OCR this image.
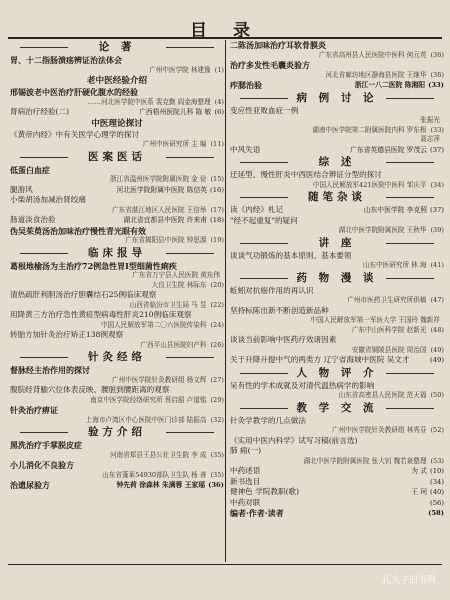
目 录
论 著
胃、十二指肠溃疡辨证治法体会
广州中医学院 林建豫 (1)
老中医经验介绍
邢锡波老中医治疗肝硬化腹水的经验
……河北医学院中医系 裴克勤 阎金海整理 (4)
肾病治疗经验(二)	广西梧州医院儿科 陈 敏 (6)
中医理论探讨
《黄帝内经》中有关医学心理学的探讨
广州中医研究所 主 编 (11)
医案医话
低蛋白血症
浙江省温州医学院附属医院 金 俭 (15)
腿游风	河北医学院附属中医院 陈信英 (16)
小柴胡汤加减治肾绞痛
广东省湛江地区人民医院 王信举 (17)
肠道淡食治验	湖北省宜都县中医院 许来甫 (18)
伪吴茱萸汤治加味治疗慢性青光眼有效
广东省揭阳县中医院 钟思源 (19)
临床报导
葛根地榆汤为主治疗72例急性胃Ⅰ型细菌性痢疾
广东省万宁县人民医院 黄东伟
大良卫生院 林际东 (20)
清热疏肝利胆汤治疗胆囊结石25例临床观察
山西省临汾市卫生局 马 昱 (22)
用降黄三方治疗急性黄疸型病毒性肝炎210例临床观察
中国人民解放军第二〇六医院传染科 (24)
转胎方加针灸治疗矫正138例观察
广西平山县医院妇产科 (26)
针灸经络
督脉经主治作用的探讨
广州中医学院针灸教研组 杨文辉 (27)
腹脘经背腧穴位体表反映、腰脏到腰距离的观察
南京中医学院经络研究所 蔡启韶 卢道铭 (29)
针灸治疗痹证
上海市卢湾区中心医院中医门诊部 陆振高 (32)
验方介绍
黑洗治疗手掌脱皮症
河南省郑县王县公社卫生院 李 成 (35)
小儿消化不良验方
山东省蓬莱54930部队卫生队 杨 善 (35)
治遗尿验方	钟先荷 徐森林 朱满蓉 王家瑶 (36)
二陈汤加味治疗耳软骨膜炎
广东省高州县人民医院中医科 何元英 (36)
治疗多发性毛囊炎验方
河北省廊坊地区静海县医院 王继华 (36)
痄腮治验	浙江一八二医院 陈湘阳 (33)
病 例 讨 论
变应性亚败血症一例
张振光
湖南中医学院第二附属医院内科 罗东根 (33)
聂志萍
中风失语	广东省英德县医院 罗茂云 (37)
综 述
迁延型、慢性肝炎中西医结合辨证分型的探讨
中国人民解放军421医院中医科 邹庆平 (34)
随笔杂谈
读《内经》札记	山东中医学院 李克照 (37)
"经不起重复"的疑问
湖北中医学院附属医院 王秋华 (39)
讲 座
谈谈气功锻炼的基本原则、基本要领
山东中医研究所 林 海 (41)
药 物 漫 谈
蚯蚓对抗癌作用的再认识
广州市医药卫生研究所供稿 (47)
坚持标陈出新不断创造新品种
中国人民解放军第一军医大学 王国玲 魏新祥
广东中山医科学院 赵新光 (48)
谈谈当前影响中医药疗效诸因素
安徽省铜陵县医院 周治国 (49)
关于升降升提中气的两类方 辽宁省海城中医院 吴文才	(49)
人 物 评 介
吴有性的学术成就及对清代温热病学的影响
山东省高密县人民医院 范天福 (50)
教 学 交 流
针灸学教学的几点做法
广州中医学院针灸教研组 林秀芬 (52)
《实用中医内科学》试写习稿(前言选)
肺 痈(一)
湖北中医学院附属医院 张大钊 魏若泉整理 (53)
中药述语	为 式 (10)
新书选目	(34)
健神色 学院教职(歌)	王 珂 (40)
中药对联	(56)
编者·作者·读者	(58)
孔夫子旧书网
